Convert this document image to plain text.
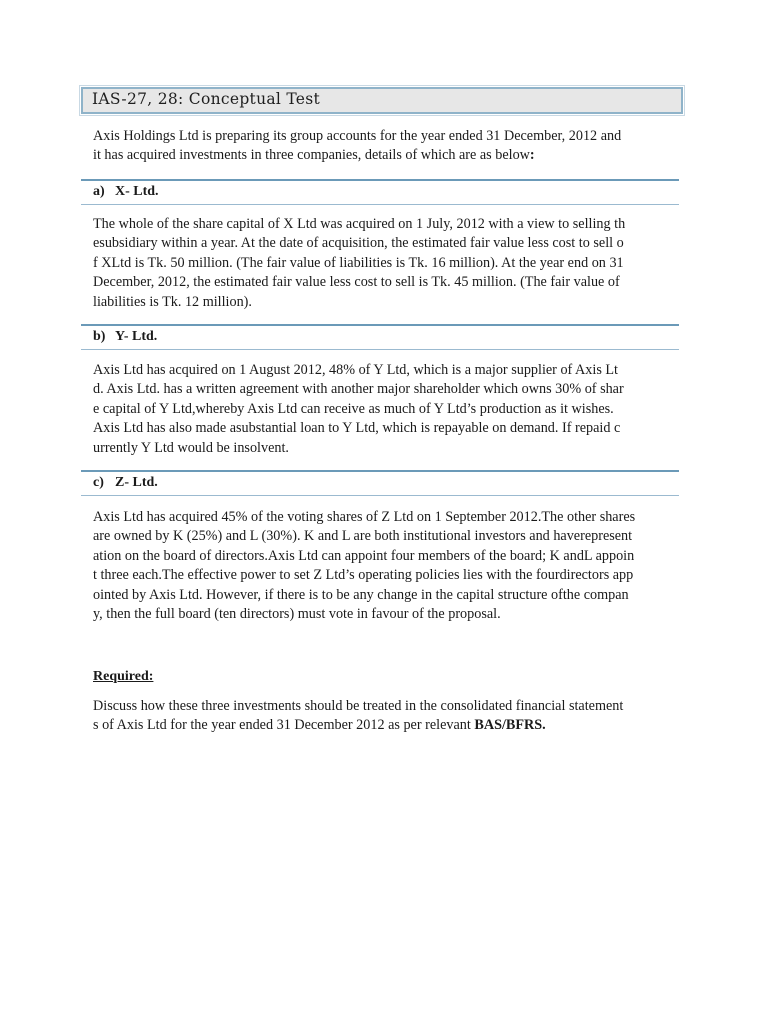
IAS-27, 28: Conceptual Test
Axis Holdings Ltd is preparing its group accounts for the year ended 31 December, 2012 and
it has acquired investments in three companies, details of which are as below:
a) X- Ltd.
The whole of the share capital of X Ltd was acquired on 1 July, 2012 with a view to selling th
esubsidiary within a year. At the date of acquisition, the estimated fair value less cost to sell o
f XLtd is Tk. 50 million. (The fair value of liabilities is Tk. 16 million). At the year end on 31
December, 2012, the estimated fair value less cost to sell is Tk. 45 million. (The fair value of
liabilities is Tk. 12 million).
b) Y- Ltd.
Axis Ltd has acquired on 1 August 2012, 48% of Y Ltd, which is a major supplier of Axis Lt
d. Axis Ltd. has a written agreement with another major shareholder which owns 30% of shar
e capital of Y Ltd,whereby Axis Ltd can receive as much of Y Ltd’s production as it wishes.
Axis Ltd has also made asubstantial loan to Y Ltd, which is repayable on demand. If repaid c
urrently Y Ltd would be insolvent.
c) Z- Ltd.
Axis Ltd has acquired 45% of the voting shares of Z Ltd on 1 September 2012.The other shares
are owned by K (25%) and L (30%). K and L are both institutional investors and haverepresent
ation on the board of directors.Axis Ltd can appoint four members of the board; K andL appoin
t three each.The effective power to set Z Ltd’s operating policies lies with the fourdirectors app
ointed by Axis Ltd. However, if there is to be any change in the capital structure ofthe compan
y, then the full board (ten directors) must vote in favour of the proposal.
Required:
Discuss how these three investments should be treated in the consolidated financial statement
s of Axis Ltd for the year ended 31 December 2012 as per relevant BAS/BFRS.
